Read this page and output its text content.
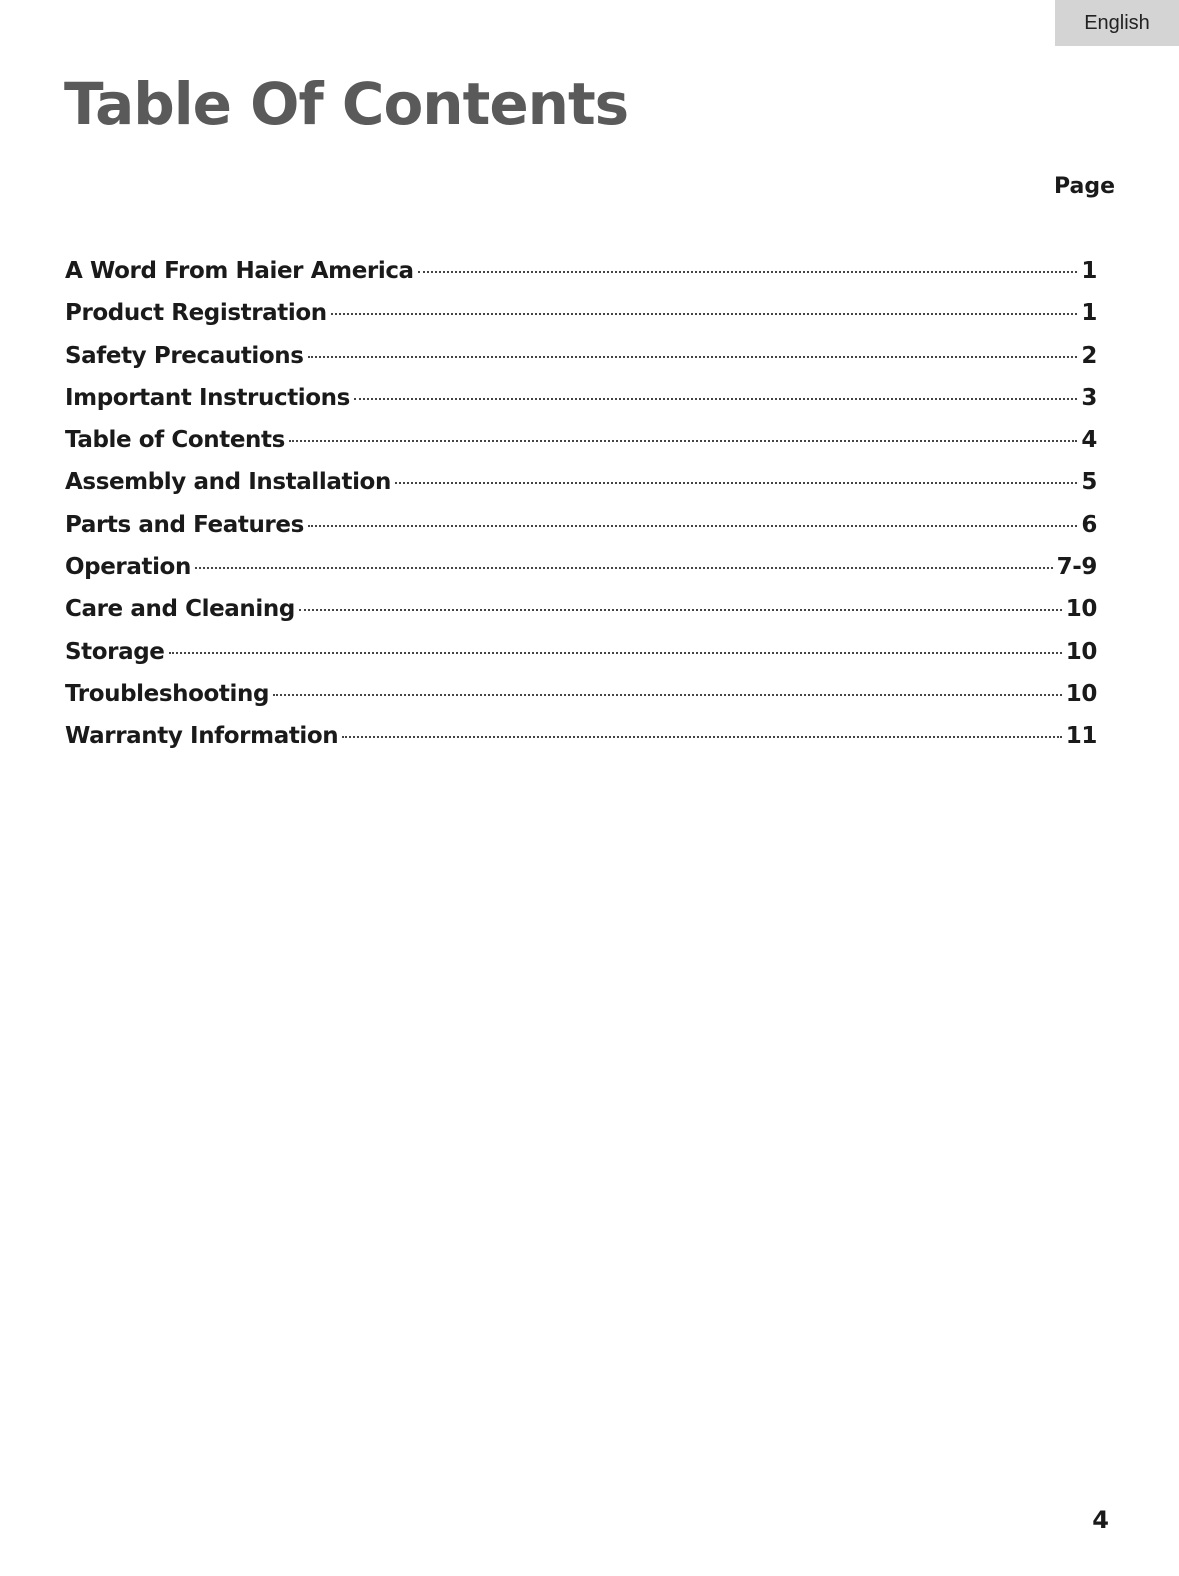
English
Table Of Contents
Page
A Word From Haier America	1
Product Registration	1
Safety Precautions	2
Important Instructions	3
Table of Contents	4
Assembly and Installation	5
Parts and Features	6
Operation	7-9
Care and Cleaning	10
Storage	10
Troubleshooting	10
Warranty Information	11
4
